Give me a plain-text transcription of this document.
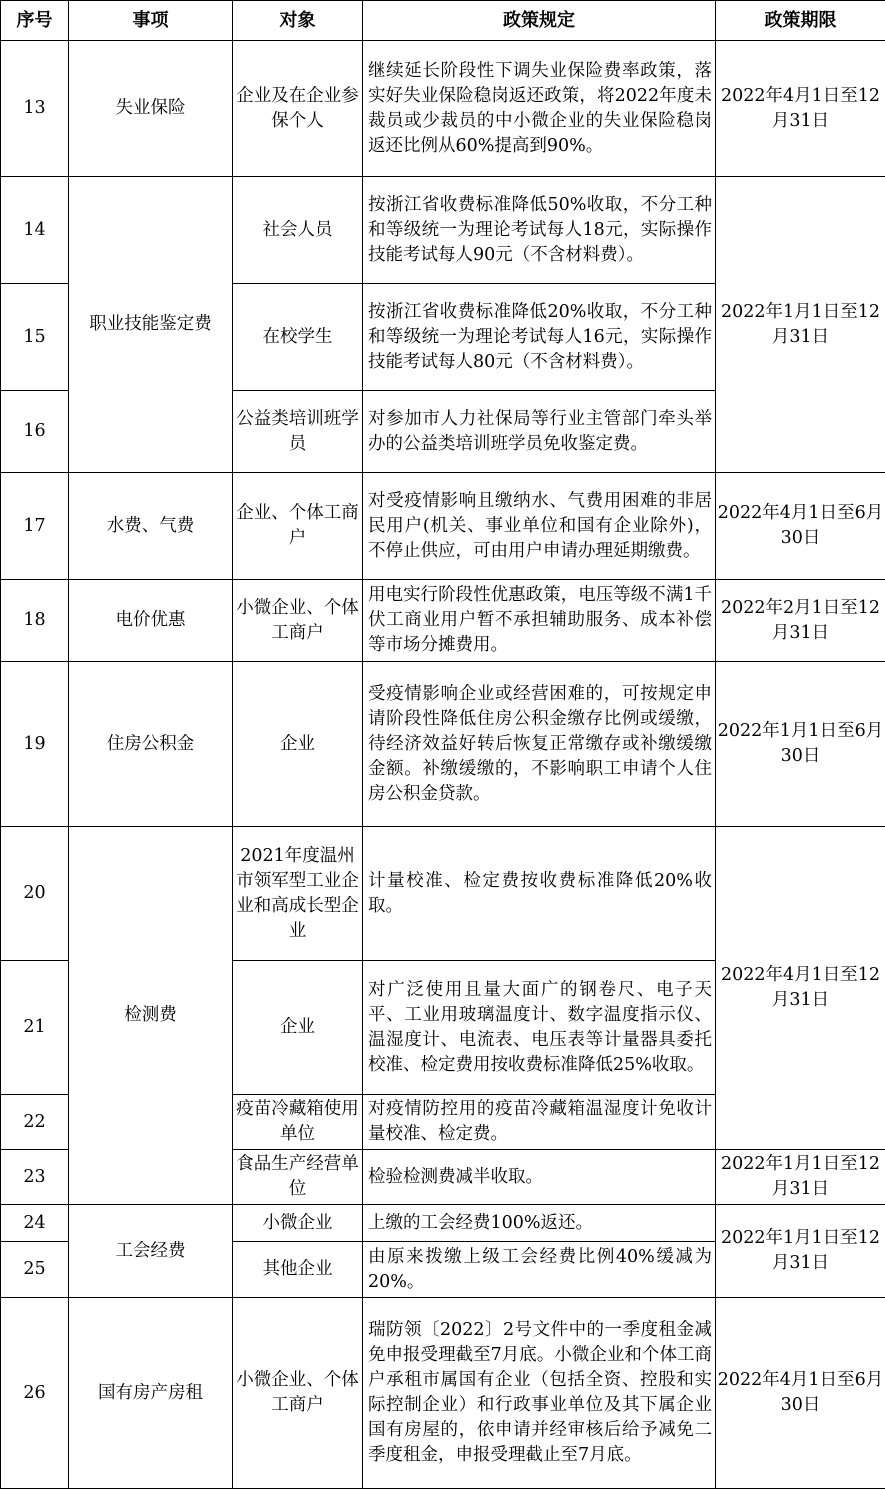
序号	事项	对象	政策规定	政策期限
13	失业保险	企业及在企业参保个人	继续延长阶段性下调失业保险费率政策，落实好失业保险稳岗返还政策，将2022年度未裁员或少裁员的中小微企业的失业保险稳岗返还比例从60%提高到90%。	2022年4月1日至12月31日
14	职业技能鉴定费	社会人员	按浙江省收费标准降低50%收取，不分工种和等级统一为理论考试每人18元，实际操作技能考试每人90元（不含材料费）。	2022年1月1日至12月31日
15		在校学生	按浙江省收费标准降低20%收取，不分工种和等级统一为理论考试每人16元，实际操作技能考试每人80元（不含材料费）。	
16		公益类培训班学员	对参加市人力社保局等行业主管部门牵头举办的公益类培训班学员免收鉴定费。	
17	水费、气费	企业、个体工商户	对受疫情影响且缴纳水、气费用困难的非居民用户(机关、事业单位和国有企业除外)，不停止供应，可由用户申请办理延期缴费。	2022年4月1日至6月30日
18	电价优惠	小微企业、个体工商户	用电实行阶段性优惠政策，电压等级不满1千伏工商业用户暂不承担辅助服务、成本补偿等市场分摊费用。	2022年2月1日至12月31日
19	住房公积金	企业	受疫情影响企业或经营困难的，可按规定申请阶段性降低住房公积金缴存比例或缓缴，待经济效益好转后恢复正常缴存或补缴缓缴金额。补缴缓缴的，不影响职工申请个人住房公积金贷款。	2022年1月1日至6月30日
20	检测费	2021年度温州市领军型工业企业和高成长型企业	计量校准、检定费按收费标准降低20%收取。	2022年4月1日至12月31日
21		企业	对广泛使用且量大面广的钢卷尺、电子天平、工业用玻璃温度计、数字温度指示仪、温湿度计、电流表、电压表等计量器具委托校准、检定费用按收费标准降低25%收取。	
22		疫苗冷藏箱使用单位	对疫情防控用的疫苗冷藏箱温湿度计免收计量校准、检定费。	
23		食品生产经营单位	检验检测费减半收取。	2022年1月1日至12月31日
24	工会经费	小微企业	上缴的工会经费100%返还。	2022年1月1日至12月31日
25		其他企业	由原来拨缴上级工会经费比例40%缓减为20%。	
26	国有房产房租	小微企业、个体工商户	瑞防领〔2022〕2号文件中的一季度租金减免申报受理截至7月底。小微企业和个体工商户承租市属国有企业（包括全资、控股和实际控制企业）和行政事业单位及其下属企业国有房屋的，依申请并经审核后给予减免二季度租金，申报受理截止至7月底。	2022年4月1日至6月30日
